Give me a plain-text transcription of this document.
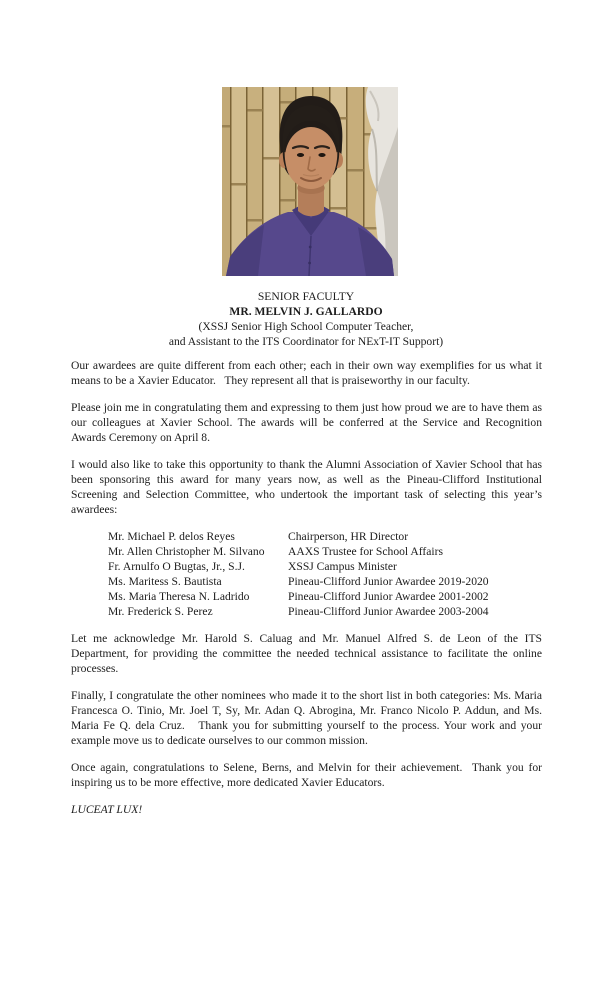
SENIOR FACULTY
MR. MELVIN J. GALLARDO
(XSSJ Senior High School Computer Teacher,
and Assistant to the ITS Coordinator for NExT-IT Support)

Our awardees are quite different from each other; each in their own way exemplifies for us what it means to be a Xavier Educator.   They represent all that is praiseworthy in our faculty.

Please join me in congratulating them and expressing to them just how proud we are to have them as our colleagues at Xavier School. The awards will be conferred at the Service and Recognition Awards Ceremony on April 8.

I would also like to take this opportunity to thank the Alumni Association of Xavier School that has been sponsoring this award for many years now, as well as the Pineau-Clifford Institutional Screening and Selection Committee, who undertook the important task of selecting this year’s awardees:

Mr. Michael P. delos Reyes	Chairperson, HR Director
Mr. Allen Christopher M. Silvano	AAXS Trustee for School Affairs
Fr. Arnulfo O Bugtas, Jr., S.J.	XSSJ Campus Minister
Ms. Maritess S. Bautista	Pineau-Clifford Junior Awardee 2019-2020
Ms. Maria Theresa N. Ladrido	Pineau-Clifford Junior Awardee 2001-2002
Mr. Frederick S. Perez	Pineau-Clifford Junior Awardee 2003-2004

Let me acknowledge Mr. Harold S. Caluag and Mr. Manuel Alfred S. de Leon of the ITS Department, for providing the committee the needed technical assistance to facilitate the online processes.

Finally, I congratulate the other nominees who made it to the short list in both categories: Ms. Maria Francesca O. Tinio, Mr. Joel T, Sy, Mr. Adan Q. Abrogina, Mr. Franco Nicolo P. Addun, and Ms. Maria Fe Q. dela Cruz.   Thank you for submitting yourself to the process. Your work and your example move us to dedicate ourselves to our common mission.

Once again, congratulations to Selene, Berns, and Melvin for their achievement.  Thank you for inspiring us to be more effective, more dedicated Xavier Educators.

LUCEAT LUX!
